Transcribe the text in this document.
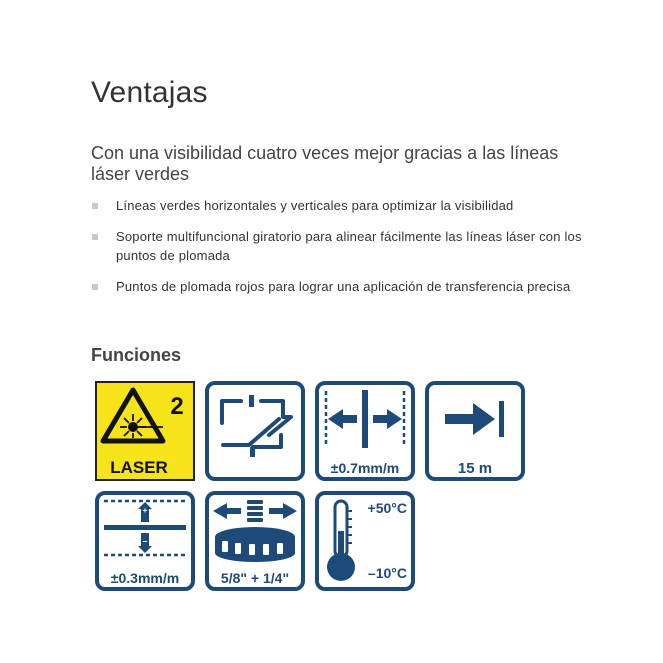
Ventajas

Con una visibilidad cuatro veces mejor gracias a las líneas láser verdes

Líneas verdes horizontales y verticales para optimizar la visibilidad
Soporte multifuncional giratorio para alinear fácilmente las líneas láser con los puntos de plomada
Puntos de plomada rojos para lograr una aplicación de transferencia precisa
Funciones
2
LASER	±0.7mm/m	15 m
+
–
±0.3mm/m	5/8" + 1/4"
+50°C
–10°C
